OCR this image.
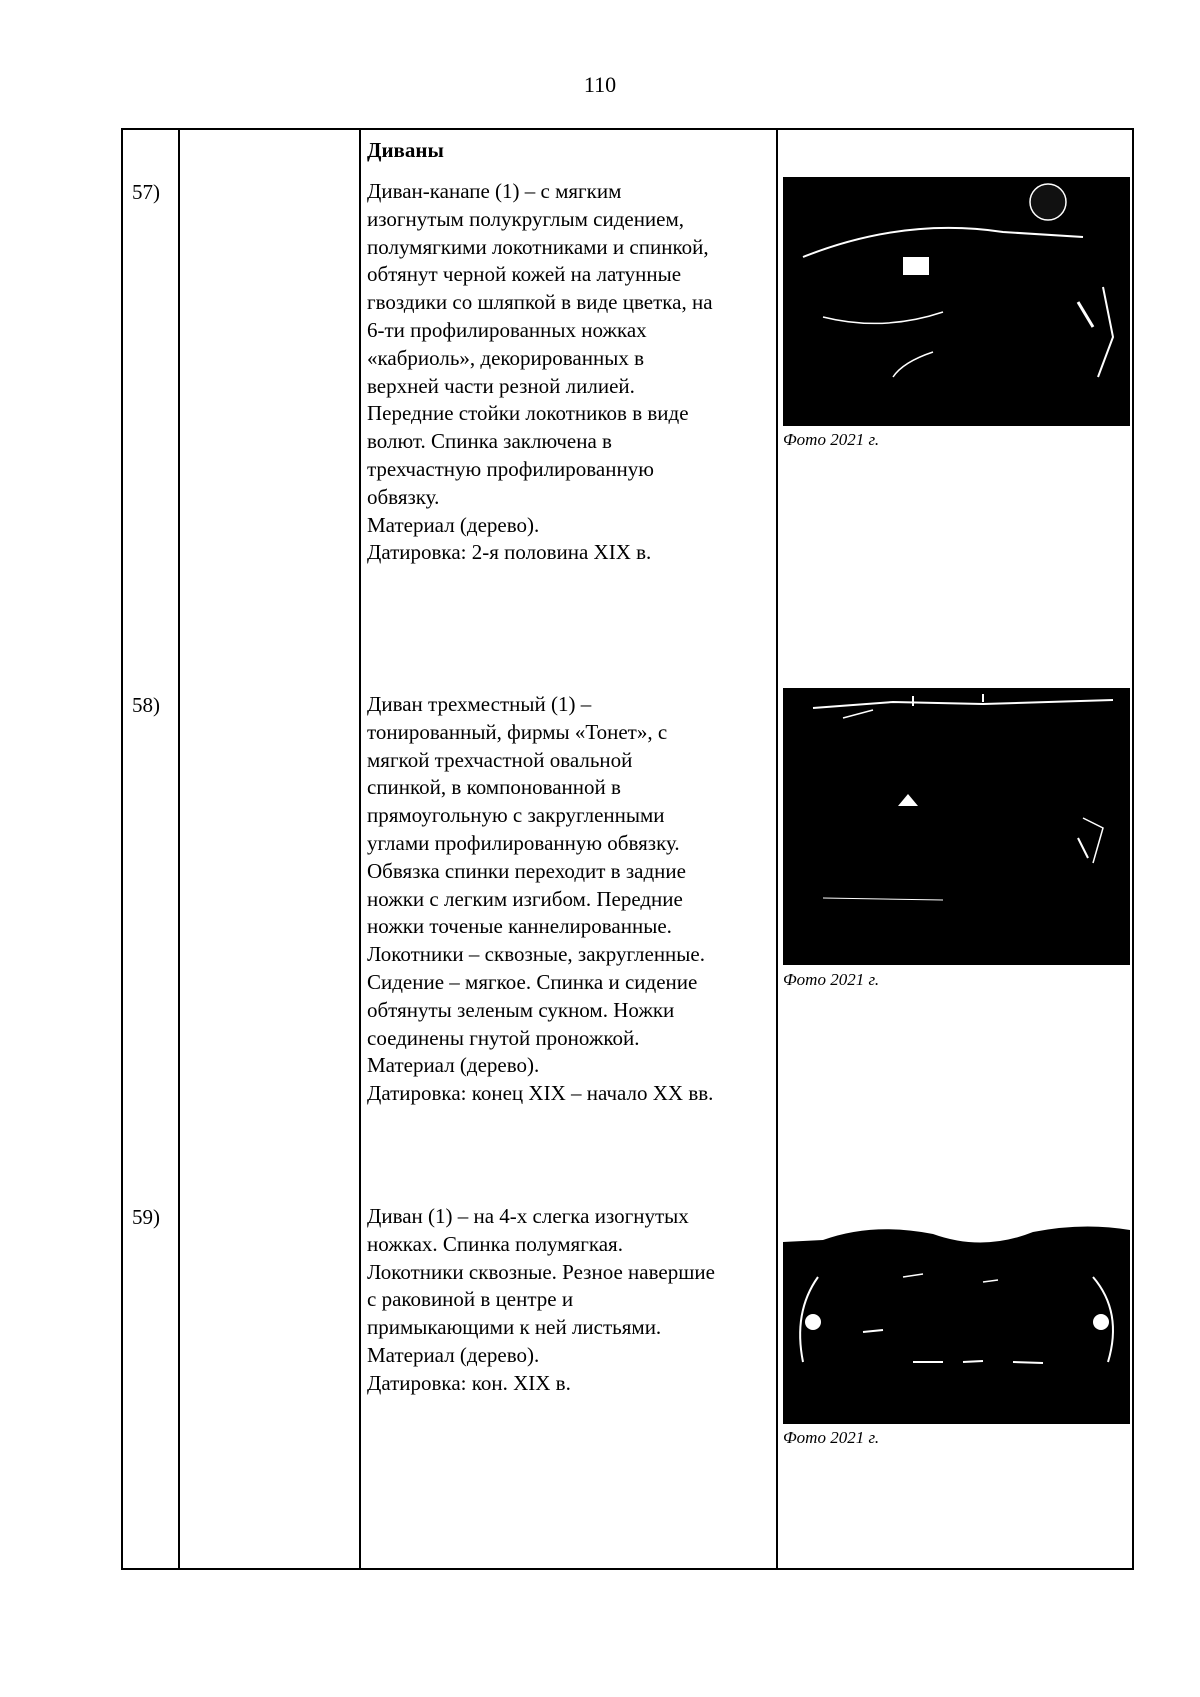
110
Диваны
57)	Диван-канапе (1) – с мягким

изогнутым полукруглым сидением,

полумягкими локотниками и спинкой,

обтянут черной кожей на латунные

гвоздики со шляпкой в виде цветка, на

6-ти профилированных ножках

«кабриоль», декорированных в

верхней части резной лилией.

Передние стойки локотников в виде

волют. Спинка заключена в

трехчастную профилированную

обвязку.

Материал (дерево).

Датировка: 2-я половина XIX в.

Фото 2021 г.
58)	Диван трехместный (1) –

тонированный, фирмы «Тонет», с

мягкой трехчастной овальной

спинкой, в компонованной в

прямоугольную с закругленными

углами профилированную обвязку.

Обвязка спинки переходит в задние

ножки с легким изгибом. Передние

ножки точеные каннелированные.

Локотники – сквозные, закругленные.

Сидение – мягкое. Спинка и сидение

обтянуты зеленым сукном. Ножки

соединены гнутой проножкой.

Материал (дерево).

Датировка: конец XIX – начало XX вв.

Фото 2021 г.
59)	Диван (1) – на 4-х слегка изогнутых

ножках. Спинка полумягкая.

Локотники сквозные. Резное навершие

с раковиной в центре и

примыкающими к ней листьями.

Материал (дерево).

Датировка: кон. XIX в.

Фото 2021 г.
